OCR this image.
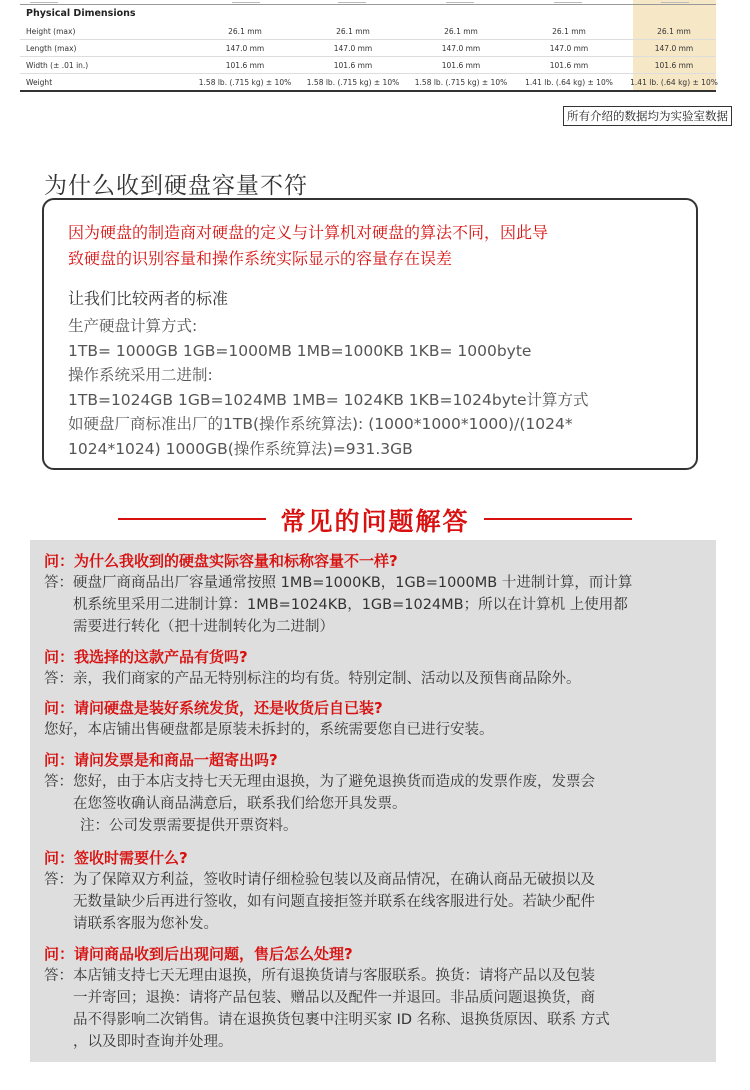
Physical Dimensions
Height (max)	26.1 mm	26.1 mm	26.1 mm	26.1 mm	26.1 mm
Length (max)	147.0 mm	147.0 mm	147.0 mm	147.0 mm	147.0 mm
Width (± .01 in.)	101.6 mm	101.6 mm	101.6 mm	101.6 mm	101.6 mm
Weight	1.58 lb. (.715 kg) ± 10%	1.58 lb. (.715 kg) ± 10%	1.58 lb. (.715 kg) ± 10%	1.41 lb. (.64 kg) ± 10%	1.41 lb. (.64 kg) ± 10%
所有介绍的数据均为实验室数据
为什么收到硬盘容量不符
因为硬盘的制造商对硬盘的定义与计算机对硬盘的算法不同，因此导
致硬盘的识别容量和操作系统实际显示的容量存在误差
让我们比较两者的标准
生产硬盘计算方式:
1TB= 1000GB 1GB=1000MB 1MB=1000KB 1KB= 1000byte
操作系统采用二进制:
1TB=1024GB 1GB=1024MB 1MB= 1024KB 1KB=1024byte计算方式
如硬盘厂商标准出厂的1TB(操作系统算法): (1000*1000*1000)/(1024*
1024*1024) 1000GB(操作系统算法)=931.3GB
常见的问题解答
问：为什么我收到的硬盘实际容量和标称容量不一样?
答： 硬盘厂商商品出厂容量通常按照 1MB=1000KB，1GB=1000MB 十进制计算，而计算
机系统里采用二进制计算：1MB=1024KB，1GB=1024MB；所以在计算机 上使用都
需要进行转化（把十进制转化为二进制）
问：我选择的这款产品有货吗?
答： 亲，我们商家的产品无特别标注的均有货。特别定制、活动以及预售商品除外。
问：请问硬盘是装好系统发货，还是收货后自已装?
您好，本店铺出售硬盘都是原装未拆封的，系统需要您自已进行安装。
问：请问发票是和商品一超寄出吗?
答： 您好，由于本店支持七天无理由退换，为了避免退换货而造成的发票作废，发票会
在您签收确认商品满意后，联系我们给您开具发票。
注：公司发票需要提供开票资料。
问：签收时需要什么?
答： 为了保障双方利益，签收时请仔细检验包装以及商品情况，在确认商品无破损以及
无数量缺少后再进行签收，如有问题直接拒签并联系在线客服进行处。若缺少配件
请联系客服为您补发。
问：请问商品收到后出现问题，售后怎么处理?
答： 本店铺支持七天无理由退换，所有退换货请与客服联系。换货：请将产品以及包装
一并寄回；退换：请将产品包装、赠品以及配件一并退回。非品质问题退换货，商
品不得影响二次销售。请在退换货包裹中注明买家 ID 名称、退换货原因、联系 方式
，以及即时查询并处理。
